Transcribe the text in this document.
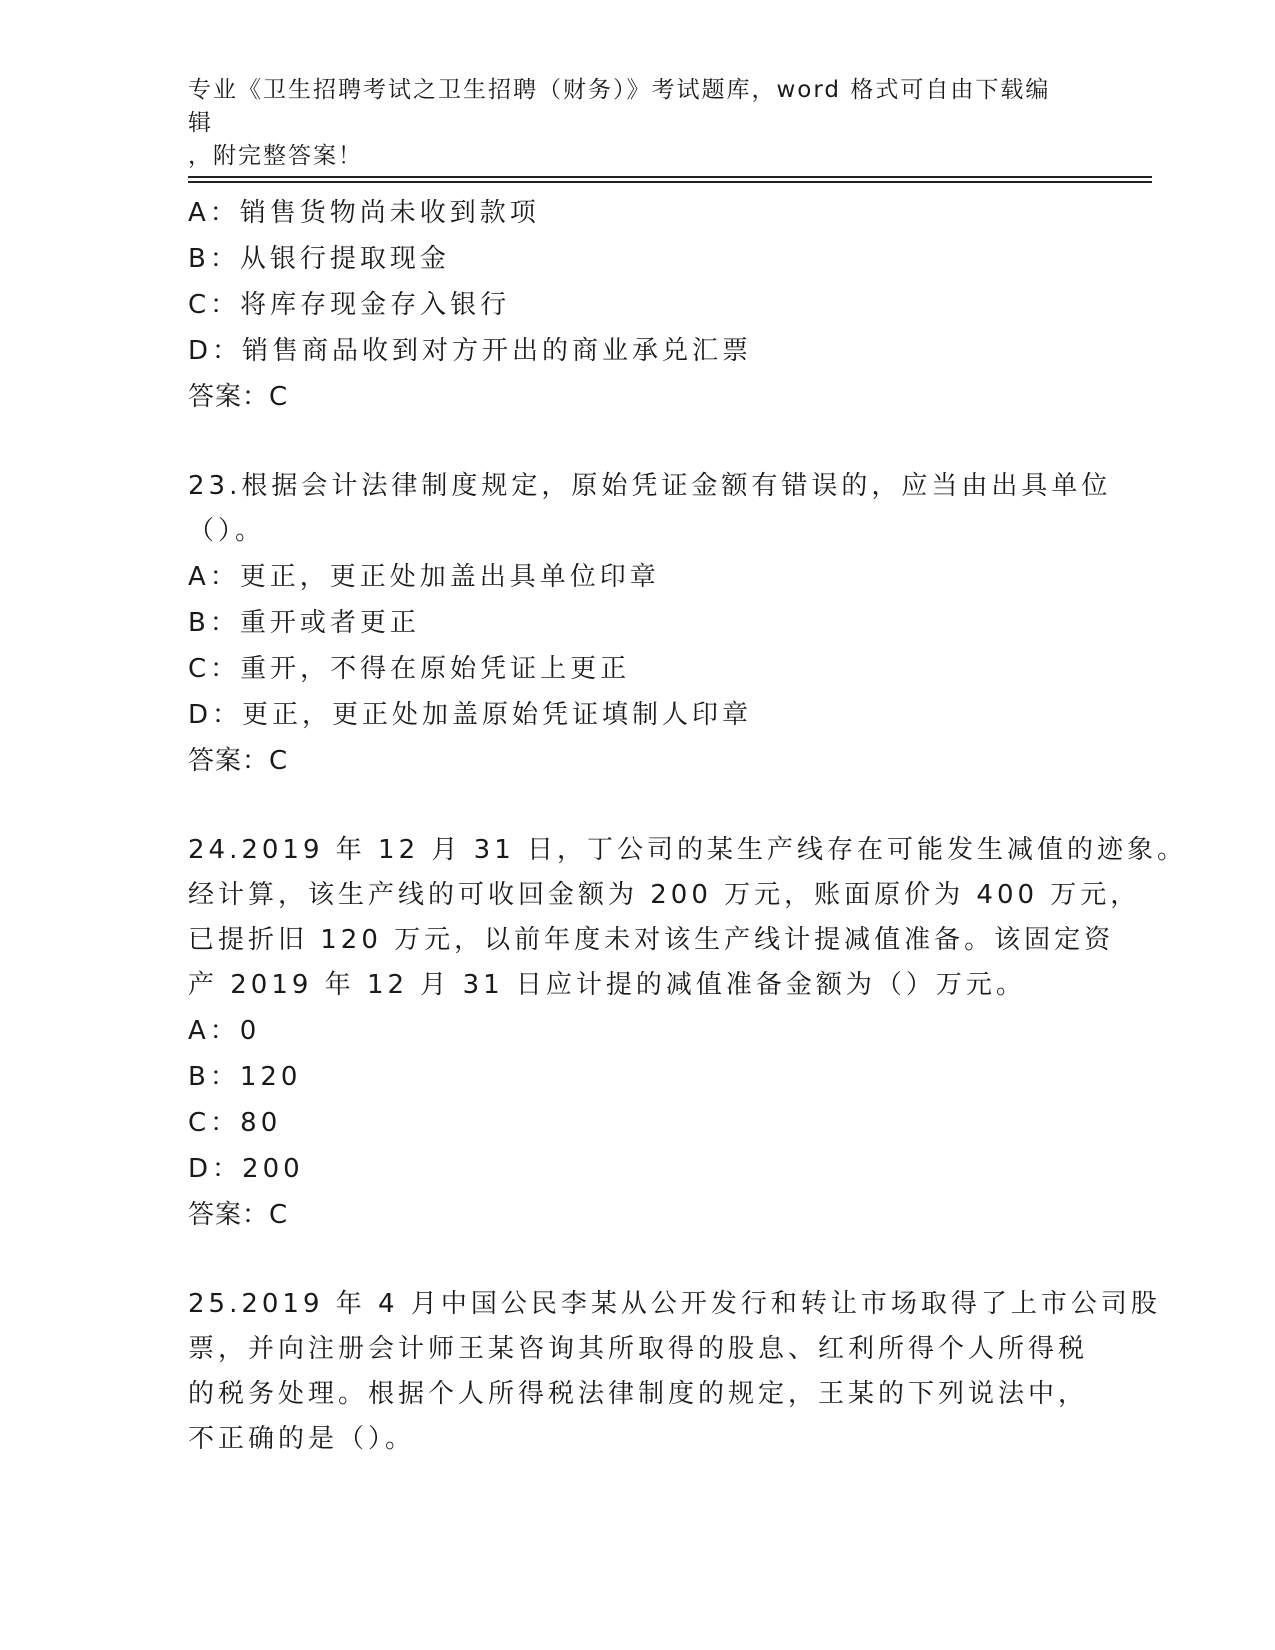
专业《卫生招聘考试之卫生招聘（财务）》考试题库，word 格式可自由下载编辑
，附完整答案！
A：销售货物尚未收到款项
B：从银行提取现金
C：将库存现金存入银行
D：销售商品收到对方开出的商业承兑汇票
答案：C
23.根据会计法律制度规定，原始凭证金额有错误的，应当由出具单位
（）。
A：更正，更正处加盖出具单位印章
B：重开或者更正
C：重开，不得在原始凭证上更正
D：更正，更正处加盖原始凭证填制人印章
答案：C
24.2019 年 12 月 31 日，丁公司的某生产线存在可能发生减值的迹象。
经计算，该生产线的可收回金额为 200 万元，账面原价为 400 万元，
已提折旧 120 万元，以前年度未对该生产线计提减值准备。该固定资
产 2019 年 12 月 31 日应计提的减值准备金额为（）万元。
A：0
B：120
C：80
D：200
答案：C
25.2019 年 4 月中国公民李某从公开发行和转让市场取得了上市公司股
票，并向注册会计师王某咨询其所取得的股息、红利所得个人所得税
的税务处理。根据个人所得税法律制度的规定，王某的下列说法中，
不正确的是（）。
